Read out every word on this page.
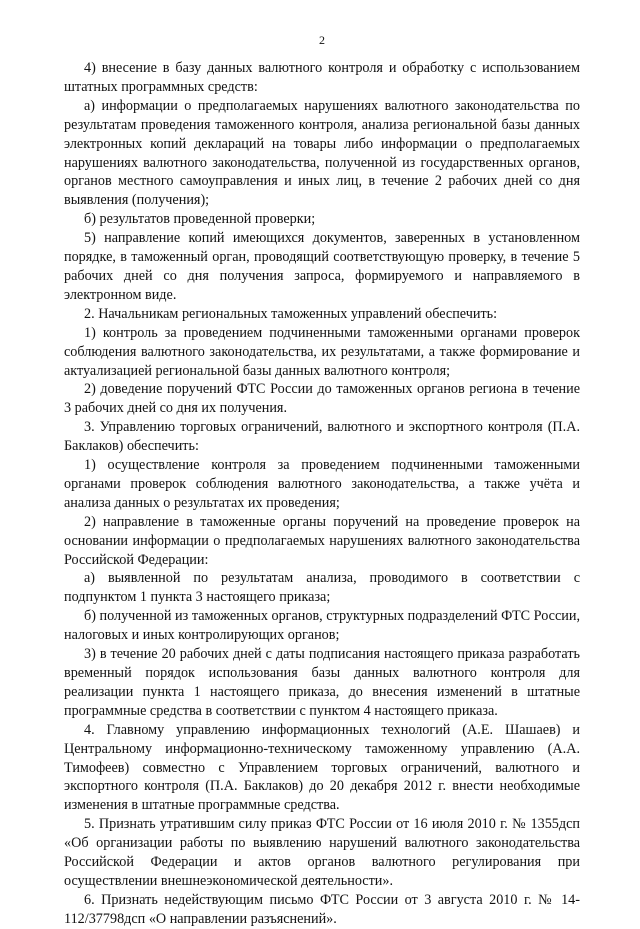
2

4) внесение в базу данных валютного контроля и обработку с использованием штатных программных средств:

а) информации о предполагаемых нарушениях валютного законодательства по результатам проведения таможенного контроля, анализа региональной базы данных электронных копий деклараций на товары либо информации о предполагаемых нарушениях валютного законодательства, полученной из государственных органов, органов местного самоуправления и иных лиц, в течение 2 рабочих дней со дня выявления (получения);

б) результатов проведенной проверки;

5) направление копий имеющихся документов, заверенных в установленном порядке, в таможенный орган, проводящий соответствующую проверку, в течение 5 рабочих дней со дня получения запроса, формируемого и направляемого в электронном виде.

2. Начальникам региональных таможенных управлений обеспечить:

1) контроль за проведением подчиненными таможенными органами проверок соблюдения валютного законодательства, их результатами, а также формирование и актуализацией региональной базы данных валютного контроля;

2) доведение поручений ФТС России до таможенных органов региона в течение 3 рабочих дней со дня их получения.

3. Управлению торговых ограничений, валютного и экспортного контроля (П.А. Баклаков) обеспечить:

1) осуществление контроля за проведением подчиненными таможенными органами проверок соблюдения валютного законодательства, а также учёта и анализа данных о результатах их проведения;

2) направление в таможенные органы поручений на проведение проверок на основании информации о предполагаемых нарушениях валютного законодательства Российской Федерации:

а) выявленной по результатам анализа, проводимого в соответствии с подпунктом 1 пункта 3 настоящего приказа;

б) полученной из таможенных органов, структурных подразделений ФТС России, налоговых и иных контролирующих органов;

3) в течение 20 рабочих дней с даты подписания настоящего приказа разработать временный порядок использования базы данных валютного контроля для реализации пункта 1 настоящего приказа, до внесения изменений в штатные программные средства в соответствии с пунктом 4 настоящего приказа.

4. Главному управлению информационных технологий (А.Е. Шашаев) и Центральному информационно-техническому таможенному управлению (А.А. Тимофеев) совместно с Управлением торговых ограничений, валютного и экспортного контроля (П.А. Баклаков) до 20 декабря 2012 г. внести необходимые изменения в штатные программные средства.

5. Признать утратившим силу приказ ФТС России от 16 июля 2010 г. № 1355дсп «Об организации работы по выявлению нарушений валютного законодательства Российской Федерации и актов органов валютного регулирования при осуществлении внешнеэкономической деятельности».

6. Признать недействующим письмо ФТС России от 3 августа 2010 г. № 14-112/37798дсп «О направлении разъяснений».
